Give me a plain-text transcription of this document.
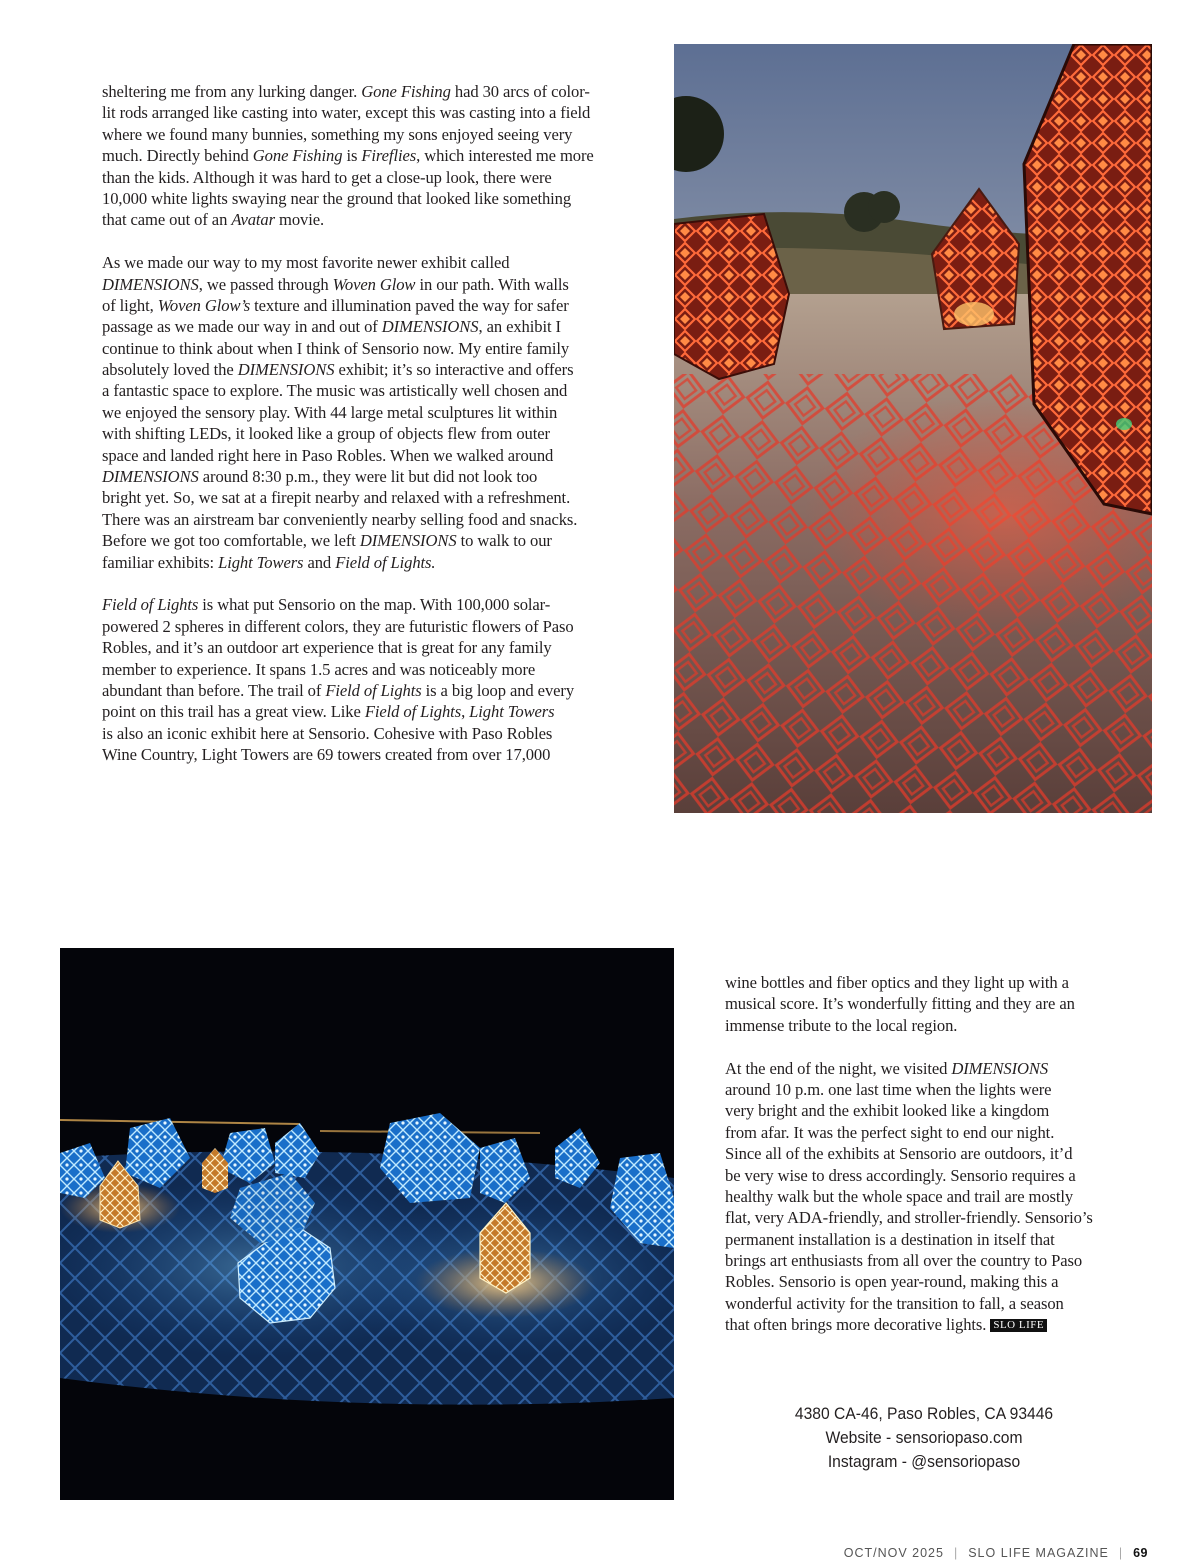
sheltering me from any lurking danger. Gone Fishing had 30 arcs of color-
lit rods arranged like casting into water, except this was casting into a field
where we found many bunnies, something my sons enjoyed seeing very
much. Directly behind Gone Fishing is Fireflies, which interested me more
than the kids. Although it was hard to get a close-up look, there were
10,000 white lights swaying near the ground that looked like something
that came out of an Avatar movie.
As we made our way to my most favorite newer exhibit called
DIMENSIONS, we passed through Woven Glow in our path. With walls
of light, Woven Glow’s texture and illumination paved the way for safer
passage as we made our way in and out of DIMENSIONS, an exhibit I
continue to think about when I think of Sensorio now. My entire family
absolutely loved the DIMENSIONS exhibit; it’s so interactive and offers
a fantastic space to explore. The music was artistically well chosen and
we enjoyed the sensory play. With 44 large metal sculptures lit within
with shifting LEDs, it looked like a group of objects flew from outer
space and landed right here in Paso Robles. When we walked around
DIMENSIONS around 8:30 p.m., they were lit but did not look too
bright yet. So, we sat at a firepit nearby and relaxed with a refreshment.
There was an airstream bar conveniently nearby selling food and snacks.
Before we got too comfortable, we left DIMENSIONS to walk to our
familiar exhibits: Light Towers and Field of Lights.
Field of Lights is what put Sensorio on the map. With 100,000 solar-
powered 2 spheres in different colors, they are futuristic flowers of Paso
Robles, and it’s an outdoor art experience that is great for any family
member to experience. It spans 1.5 acres and was noticeably more
abundant than before. The trail of Field of Lights is a big loop and every
point on this trail has a great view. Like Field of Lights, Light Towers
is also an iconic exhibit here at Sensorio. Cohesive with Paso Robles
Wine Country, Light Towers are 69 towers created from over 17,000
wine bottles and fiber optics and they light up with a
musical score. It’s wonderfully fitting and they are an
immense tribute to the local region.
At the end of the night, we visited DIMENSIONS
around 10 p.m. one last time when the lights were
very bright and the exhibit looked like a kingdom
from afar. It was the perfect sight to end our night.
Since all of the exhibits at Sensorio are outdoors, it’d
be very wise to dress accordingly. Sensorio requires a
healthy walk but the whole space and trail are mostly
flat, very ADA-friendly, and stroller-friendly. Sensorio’s
permanent installation is a destination in itself that
brings art enthusiasts from all over the country to Paso
Robles. Sensorio is open year-round, making this a
wonderful activity for the transition to fall, a season
that often brings more decorative lights. SLO LIFE
4380 CA-46, Paso Robles, CA 93446
Website - sensoriopaso.com
Instagram - @sensoriopaso
OCT/NOV 2025 | SLO LIFE MAGAZINE | 69
